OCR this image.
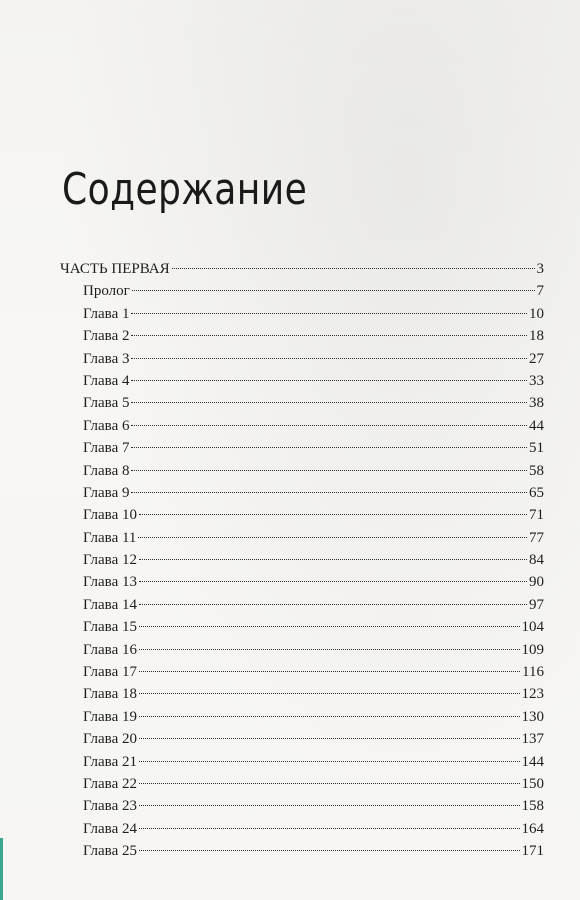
Содержание
ЧАСТЬ ПЕРВАЯ	3
Пролог	7
Глава 1	10
Глава 2	18
Глава 3	27
Глава 4	33
Глава 5	38
Глава 6	44
Глава 7	51
Глава 8	58
Глава 9	65
Глава 10	71
Глава 11	77
Глава 12	84
Глава 13	90
Глава 14	97
Глава 15	104
Глава 16	109
Глава 17	116
Глава 18	123
Глава 19	130
Глава 20	137
Глава 21	144
Глава 22	150
Глава 23	158
Глава 24	164
Глава 25	171
